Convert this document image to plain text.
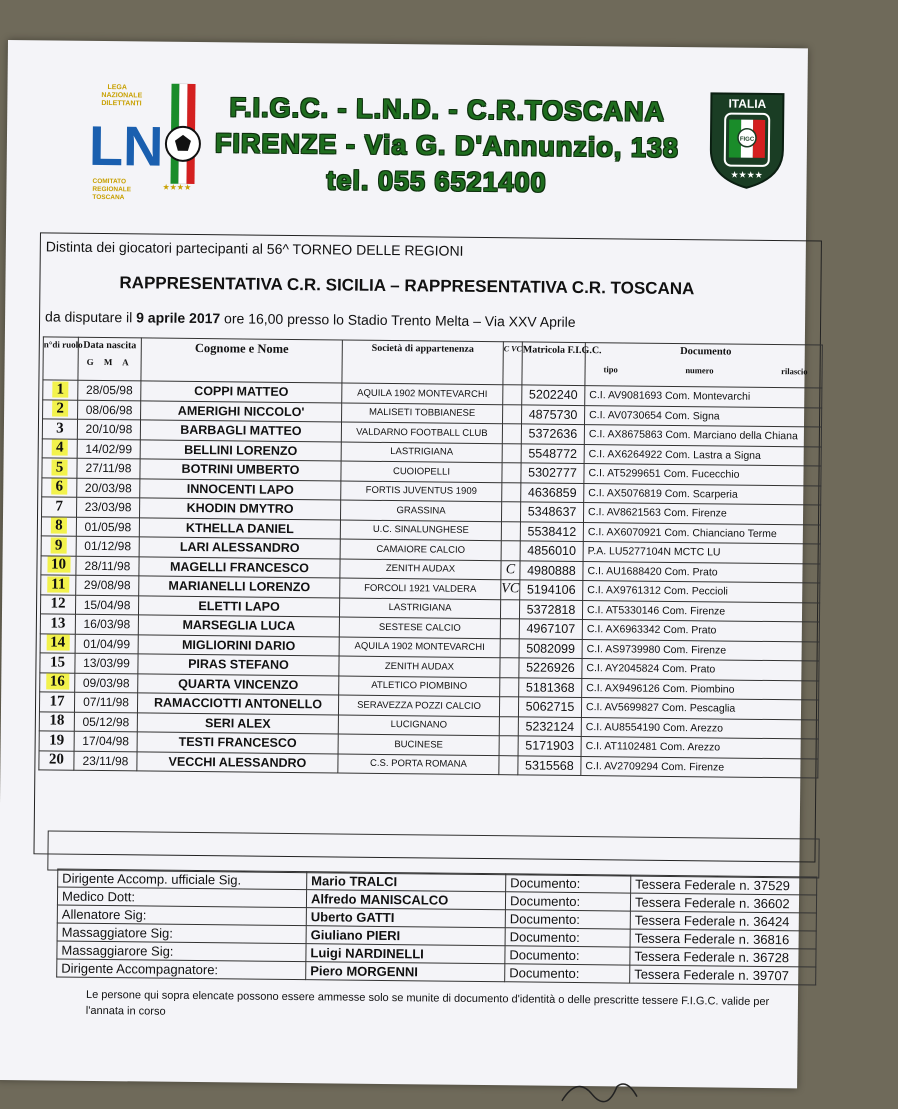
LEGA
NAZIONALE
DILETTANTI
LN
COMITATO
REGIONALE
TOSCANA
★★★★
ITALIA
FIGC
★★★★
F.I.G.C. - L.N.D. - C.R.TOSCANA
FIRENZE - Via G. D'Annunzio, 138
tel. 055 6521400
Distinta dei giocatori partecipanti al 56^ TORNEO DELLE REGIONI
RAPPRESENTATIVA C.R. SICILIA – RAPPRESENTATIVA C.R. TOSCANA
da disputare il 9 aprile 2017 ore 16,00 presso lo Stadio Trento Melta – Via XXV Aprile
n°di ruolo	Data nascita
G M A	Cognome e Nome	Società di appartenenza	C VC	Matricola F.I.G.C.	Documento
tipo numero rilascio

1	28/05/98	COPPI MATTEO	AQUILA 1902 MONTEVARCHI		5202240	C.I. AV9081693 Com. Montevarchi
2	08/06/98	AMERIGHI NICCOLO'	MALISETI TOBBIANESE		4875730	C.I. AV0730654 Com. Signa
3	20/10/98	BARBAGLI MATTEO	VALDARNO FOOTBALL CLUB		5372636	C.I. AX8675863 Com. Marciano della Chiana
4	14/02/99	BELLINI LORENZO	LASTRIGIANA		5548772	C.I. AX6264922 Com. Lastra a Signa
5	27/11/98	BOTRINI UMBERTO	CUOIOPELLI		5302777	C.I. AT5299651 Com. Fucecchio
6	20/03/98	INNOCENTI LAPO	FORTIS JUVENTUS 1909		4636859	C.I. AX5076819 Com. Scarperia
7	23/03/98	KHODIN DMYTRO	GRASSINA		5348637	C.I. AV8621563 Com. Firenze
8	01/05/98	KTHELLA DANIEL	U.C. SINALUNGHESE		5538412	C.I. AX6070921 Com. Chianciano Terme
9	01/12/98	LARI ALESSANDRO	CAMAIORE CALCIO		4856010	P.A. LU5277104N MCTC LU
10	28/11/98	MAGELLI FRANCESCO	ZENITH AUDAX	C	4980888	C.I. AU1688420 Com. Prato
11	29/08/98	MARIANELLI LORENZO	FORCOLI 1921 VALDERA	VC	5194106	C.I. AX9761312 Com. Peccioli
12	15/04/98	ELETTI LAPO	LASTRIGIANA		5372818	C.I. AT5330146 Com. Firenze
13	16/03/98	MARSEGLIA LUCA	SESTESE CALCIO		4967107	C.I. AX6963342 Com. Prato
14	01/04/99	MIGLIORINI DARIO	AQUILA 1902 MONTEVARCHI		5082099	C.I. AS9739980 Com. Firenze
15	13/03/99	PIRAS STEFANO	ZENITH AUDAX		5226926	C.I. AY2045824 Com. Prato
16	09/03/98	QUARTA VINCENZO	ATLETICO PIOMBINO		5181368	C.I. AX9496126 Com. Piombino
17	07/11/98	RAMACCIOTTI ANTONELLO	SERAVEZZA POZZI CALCIO		5062715	C.I. AV5699827 Com. Pescaglia
18	05/12/98	SERI ALEX	LUCIGNANO		5232124	C.I. AU8554190 Com. Arezzo
19	17/04/98	TESTI FRANCESCO	BUCINESE		5171903	C.I. AT1102481 Com. Arezzo
20	23/11/98	VECCHI ALESSANDRO	C.S. PORTA ROMANA		5315568	C.I. AV2709294 Com. Firenze
Dirigente Accomp. ufficiale Sig.	Mario TRALCI	Documento:	Tessera Federale n. 37529
Medico Dott:	Alfredo MANISCALCO	Documento:	Tessera Federale n. 36602
Allenatore Sig:	Uberto GATTI	Documento:	Tessera Federale n. 36424
Massaggiatore Sig:	Giuliano PIERI	Documento:	Tessera Federale n. 36816
Massaggiarore Sig:	Luigi NARDINELLI	Documento:	Tessera Federale n. 36728
Dirigente Accompagnatore:	Piero MORGENNI	Documento:	Tessera Federale n. 39707
Le persone qui sopra elencate possono essere ammesse solo se munite di documento d'identità o delle prescritte tessere F.I.G.C. valide per l'annata in corso
